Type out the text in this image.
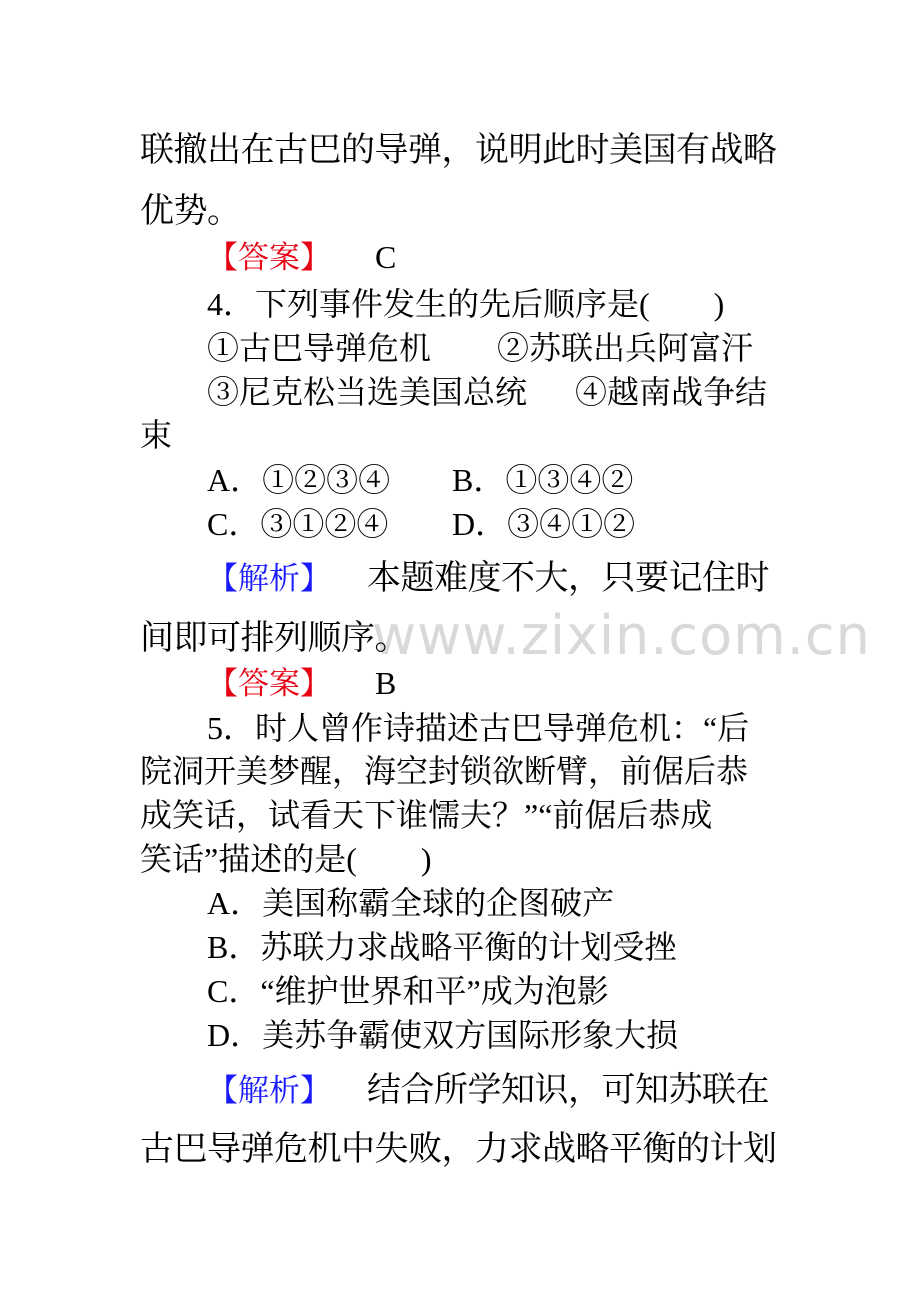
www.zixin.com.cn
联撤出在古巴的导弹，说明此时美国有战略
优势。
【答案】 C
4．下列事件发生的先后顺序是(　　)
①古巴导弹危机 ②苏联出兵阿富汗
③尼克松当选美国总统 ④越南战争结
束
A．①②③④ B．①③④②
C．③①②④ D．③④①②
【解析】 本题难度不大，只要记住时
间即可排列顺序。
【答案】 B
5．时人曾作诗描述古巴导弹危机：“后
院洞开美梦醒，海空封锁欲断臂，前倨后恭
成笑话，试看天下谁懦夫？”“前倨后恭成
笑话”描述的是(　　)
A．美国称霸全球的企图破产
B．苏联力求战略平衡的计划受挫
C．“维护世界和平”成为泡影
D．美苏争霸使双方国际形象大损
【解析】 结合所学知识，可知苏联在
古巴导弹危机中失败，力求战略平衡的计划
